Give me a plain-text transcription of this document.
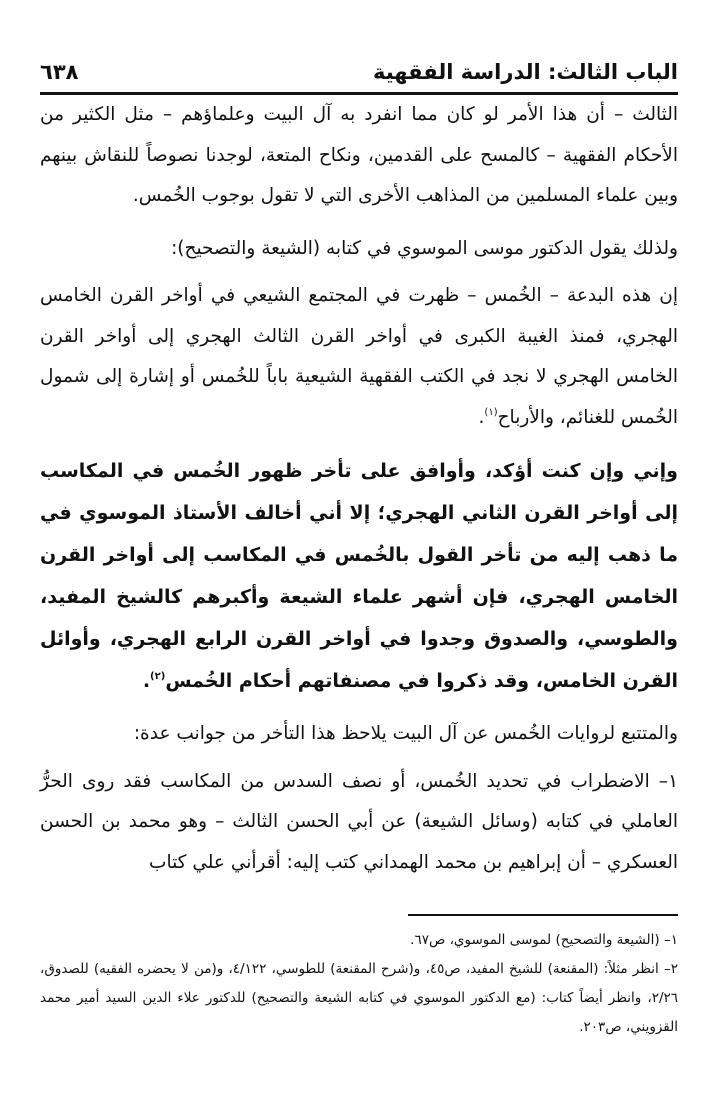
الباب الثالث: الدراسة الفقهية
٦٣٨

الثالث – أن هذا الأمر لو كان مما انفرد به آل البيت وعلماؤهم – مثل الكثير من الأحكام الفقهية – كالمسح على القدمين، ونكاح المتعة، لوجدنا نصوصاً للنقاش بينهم وبين علماء المسلمين من المذاهب الأخرى التي لا تقول بوجوب الخُمس.

ولذلك يقول الدكتور موسى الموسوي في كتابه (الشيعة والتصحيح):

إن هذه البدعة – الخُمس – ظهرت في المجتمع الشيعي في أواخر القرن الخامس الهجري، فمنذ الغيبة الكبرى في أواخر القرن الثالث الهجري إلى أواخر القرن الخامس الهجري لا نجد في الكتب الفقهية الشيعية باباً للخُمس أو إشارة إلى شمول الخُمس للغنائم، والأرباح$^{(١)}$.

وإني وإن كنت أؤكد، وأوافق على تأخر ظهور الخُمس في المكاسب إلى أواخر القرن الثاني الهجري؛ إلا أني أخالف الأستاذ الموسوي في ما ذهب إليه من تأخر القول بالخُمس في المكاسب إلى أواخر القرن الخامس الهجري، فإن أشهر علماء الشيعة وأكبرهم كالشيخ المفيد، والطوسي، والصدوق وجدوا في أواخر القرن الرابع الهجري، وأوائل القرن الخامس، وقد ذكروا في مصنفاتهم أحكام الخُمس$^{(٢)}$.

والمتتبع لروايات الخُمس عن آل البيت يلاحظ هذا التأخر من جوانب عدة:

١– الاضطراب في تحديد الخُمس، أو نصف السدس من المكاسب فقد روى الحرُّ العاملي في كتابه (وسائل الشيعة) عن أبي الحسن الثالث – وهو محمد بن الحسن العسكري – أن إبراهيم بن محمد الهمداني كتب إليه: أقرأني علي كتاب

١– (الشيعة والتصحيح) لموسى الموسوي، ص٦٧.

٢– انظر مثلاً: (المقنعة) للشيخ المفيد، ص٤٥، و(شرح المقنعة) للطوسي، ٤/١٢٢، و(من لا يحضره الفقيه) للصدوق، ٢/٢٦، وانظر أيضاً كتاب: (مع الدكتور الموسوي في كتابه الشيعة والتصحيح) للدكتور علاء الدين السيد أمير محمد القزويني، ص٢٠٣.
